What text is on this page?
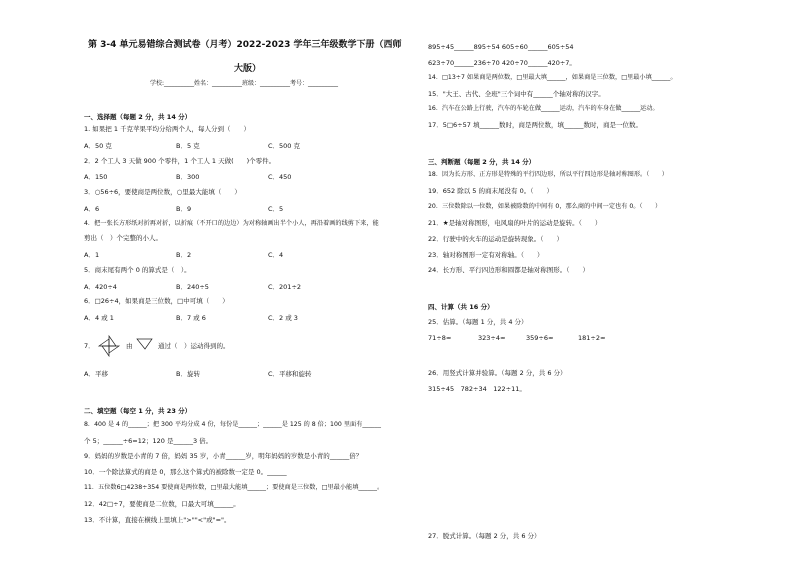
第 3-4 单元易错综合测试卷（月考）2022-2023 学年三年级数学下册（西师
大版）
学校:__________姓名：__________班级：__________考号：__________
一、选择题（每题 2 分，共 14 分）
1. 如果把 1 千克苹果平均分给两个人，每人分到（　　）
A．50 克	B．5 克	C．500 克
2．2 个工人 3 天做 900 个零件，1 个工人 1 天做(　　)个零件。
A．150	B．300	C．450
3．○56÷6，要使商是两位数，○里最大能填（　　）
A．6	B．9	C．5
4．把一张长方形纸对折再对折，以折痕（不开口的边边）为对称轴画出半个小人，再沿着画的线剪下来，能
剪出（　）个完整的小人。
A．1	B．2	C．4
5．商末尾有两个 0 的算式是（　）。
A．420÷4	B．240÷5	C．201÷2
6．□26÷4，如果商是三位数，□中可填（　　）
A．4 或 1	B．7 或 6	C．2 或 3
7．	由	通过（　）运动得到的。
A．平移	B．旋转	C．平移和旋转
二、填空题（每空 1 分，共 23 分）
8．400 是 4 的______；把 300 平均分成 4 份，每份是______；______是 125 的 8 倍；100 里面有______
个 5；______÷6=12；120 是______3 倍。
9．妈妈的岁数是小青的 7 倍，妈妈 35 岁，小青______岁，明年妈妈的岁数是小青的______倍？
10．一个除法算式的商是 0，那么这个算式的被除数一定是 0。______
11．五位数6□4238÷354 要使商是两位数，□里最大能填______；要使商是三位数，□里最小能填______。
12．42□÷7，要使商是二位数，口最大可填______。
13．不计算，直接在横线上里填上">""<"或"="。
895÷45______895÷54 605÷60______605÷54
623÷70______236÷70 420÷70______420÷7。
14．□13÷7 如果商是两位数，□里最大填______，如果商是三位数，□里最小填______。
15．"大王、古代、全班"三个词中有______个轴对称的汉字。
16．汽车在公路上行驶，汽车的车轮在做______运动，汽车的车身在做______运动。
17．5□6÷57 填______数时，商是两位数，填______数时，商是一位数。
三、判断题（每题 2 分，共 14 分）
18．因为长方形、正方形是特殊的平行四边形，所以平行四边形是轴对称图形。（　　）
19．652 除以 5 的商末尾没有 0。（　　）
20．三位数除以一位数，如果被除数的中间有 0，那么商的中间一定也有 0。（　　）
21．★是轴对称图形，电风扇的叶片的运动是旋转。（　　）
22．行驶中的火车的运动是旋转现象。（　　）
23．轴对称图形一定有对称轴。（　　）
24．长方形、平行四边形和圆都是轴对称图形。（　　）
四、计算（共 16 分）
25．估算。（每题 1 分，共 4 分）
71÷8≈	323÷4≈	359÷6≈	181÷2≈
26．用竖式计算并验算。（每题 2 分，共 6 分）
315÷45　782÷34　122÷11。
27．脱式计算。（每题 2 分，共 6 分）
